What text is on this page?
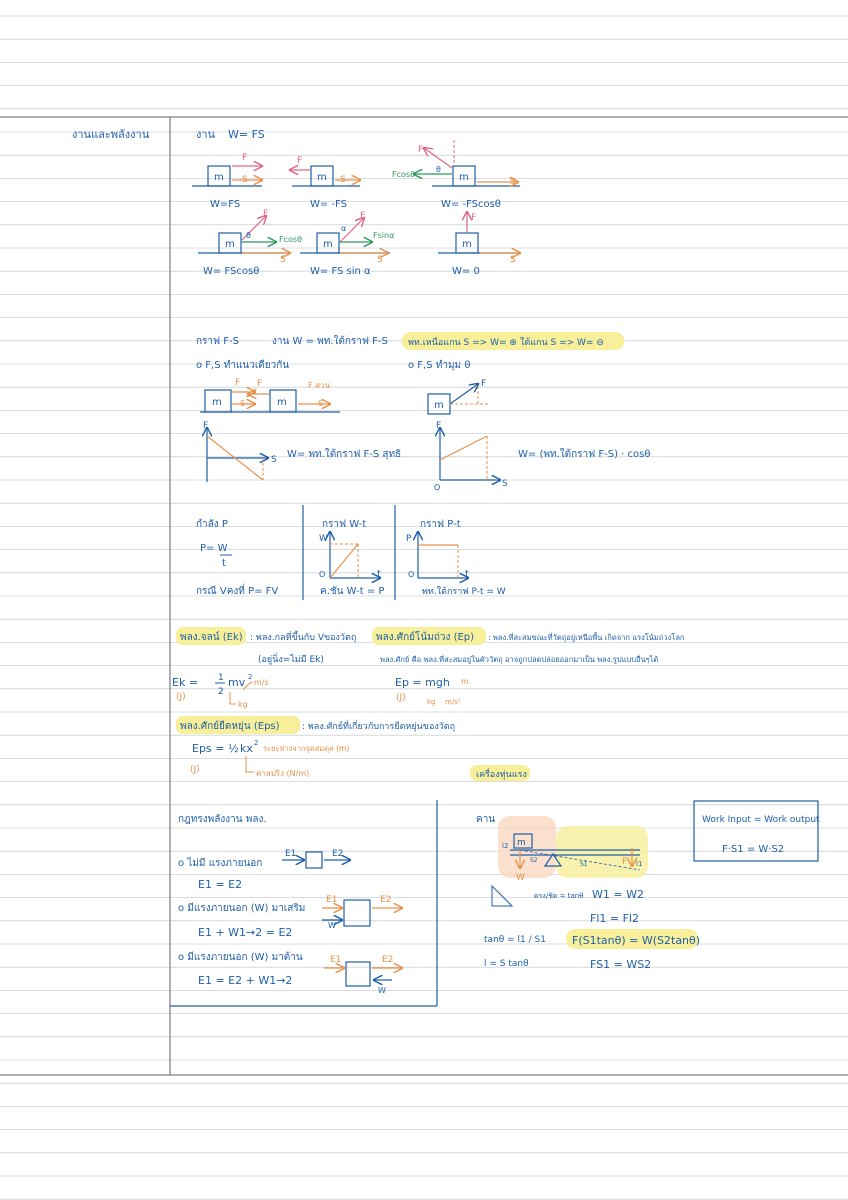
งานและพลังงาน	งาน W= FS
m
F
S
W=FS
m
F
S
W= -FS
m
F
Fcosθ
θ
S
W= -FScosθ
m
F
Fcosθ
θ
S
W= FScosθ
m
F
Fsinα
α
S
W= FS sin α
m
F
S
W= 0
กราฟ F-S	งาน W = พท.ใต้กราฟ F-S พท.เหนือแกน S => W= ⊕ ใต้แกน S => W= ⊖
o F,S ทำแนวเดียวกัน	o F,S ทำมุม θ
m
F
S	m
F
S
F สวน
m
F
F
S W= พท.ใต้กราฟ F-S สุทธิ
F
S
O
W= (พท.ใต้กราฟ F-S) · cosθ
กำลัง P
P= W
t
กรณี Vคงที่ P= FV
กราฟ W-t
W
t
O
ค.ชัน W-t = P
กราฟ P-t
P
t
O
พท.ใต้กราฟ P-t = W
พลง.จลน์ (Ek) : พลง.กลที่ขึ้นกับ Vของวัตถุ
(อยู่นิ่ง=ไม่มี Ek)
Ek = 1
2
mv 2
m/s
kg
(J)
พลง.ศักย์โน้มถ่วง (Ep) : พลง.ที่สะสมขณะที่วัตถุอยู่เหนือพื้น เกิดจาก แรงโน้มถ่วงโลก
พลง.ศักย์ คือ พลง.ที่สะสมอยู่ในตัววัตถุ อาจถูกปลดปล่อยออกมาเป็น พลง.รูปแบบอื่นๆได้
Ep = mgh m
kg m/s²
(J)
พลง.ศักย์ยืดหยุ่น (Eps) : พลง.ศักย์ที่เกี่ยวกับการยืดหยุ่นของวัตถุ
Eps = ½ kx 2
ระยะห่างจากจุดสมดุล (m)
ค่าสปริง (N/m)
(J)	เครื่องทุ่นแรง
กฎทรงพลังงาน พลง.
o ไม่มี แรงภายนอก
E1 = E2
E1	E2
o มีแรงภายนอก (W) มาเสริม
E1 + W1→2 = E2
E1	E2
W
o มีแรงภายนอก (W) มาต้าน
E1 = E2 + W1→2
E1	E2
W
คาน
m
W
F
l2
l1
S2
S1
ตรง/ชิด = tanθ W1 = W2
Fl1 = Fl2
F(S1tanθ) = W(S2tanθ)
FS1 = WS2
tanθ = l1 / S1
l = S tanθ
Work Input = Work output
F·S1 = W·S2
